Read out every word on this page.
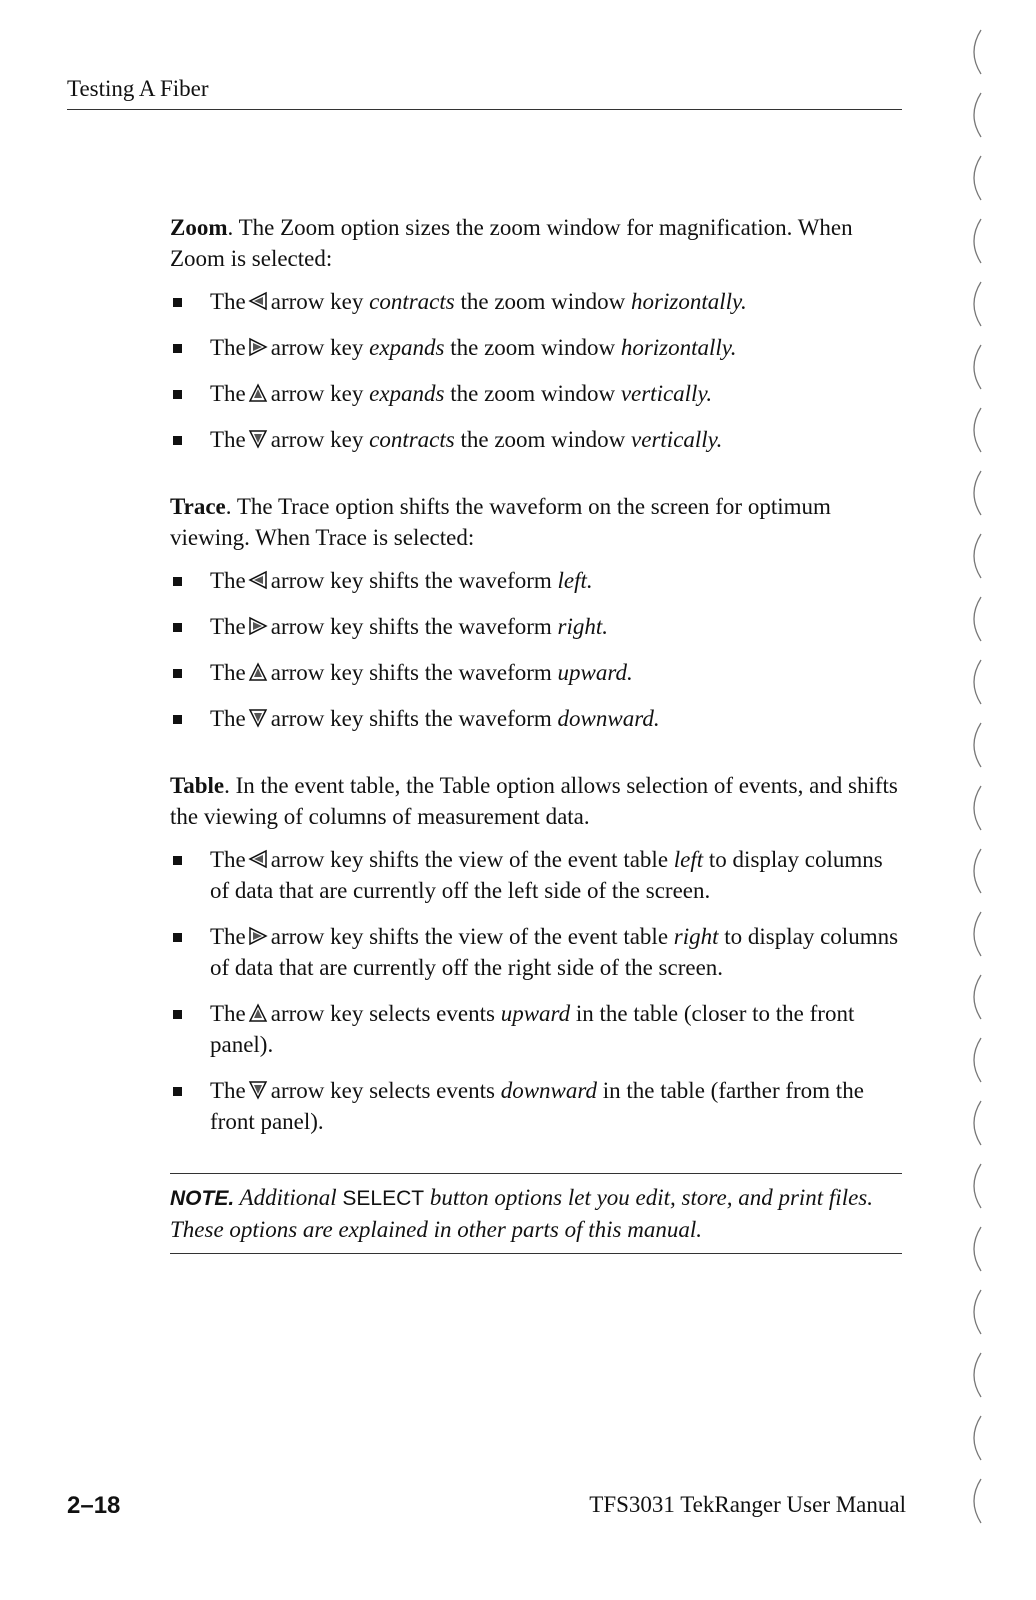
Testing A Fiber

Zoom. The Zoom option sizes the zoom window for magnification. When Zoom is selected:

The arrow key contracts the zoom window horizontally.
The arrow key expands the zoom window horizontally.
The arrow key expands the zoom window vertically.
The arrow key contracts the zoom window vertically.

Trace. The Trace option shifts the waveform on the screen for optimum viewing. When Trace is selected:

The arrow key shifts the waveform left.
The arrow key shifts the waveform right.
The arrow key shifts the waveform upward.
The arrow key shifts the waveform downward.

Table. In the event table, the Table option allows selection of events, and shifts the viewing of columns of measurement data.

The arrow key shifts the view of the event table left to display columns of data that are currently off the left side of the screen.
The arrow key shifts the view of the event table right to display columns of data that are currently off the right side of the screen.
The arrow key selects events upward in the table (closer to the front panel).
The arrow key selects events downward in the table (farther from the front panel).
NOTE. Additional SELECT button options let you edit, store, and print files. These options are explained in other parts of this manual.
2–18	TFS3031 TekRanger User Manual
